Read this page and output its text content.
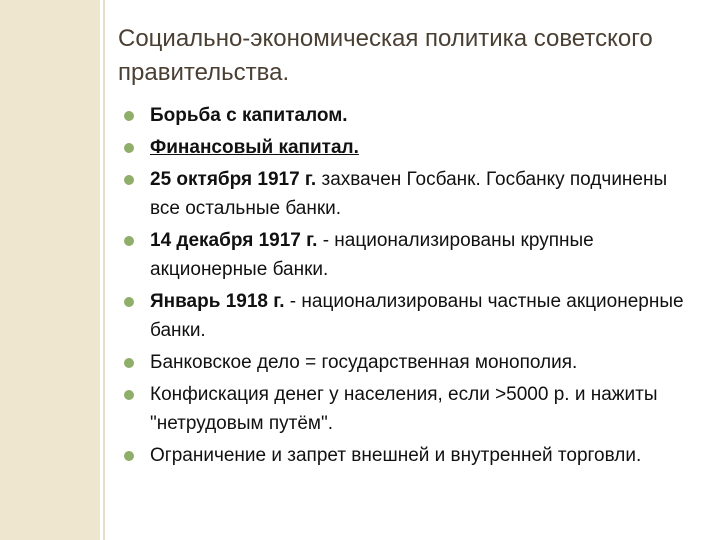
Социально-экономическая политика советского правительства.
Борьба с капиталом.
Финансовый капитал.
25 октября 1917 г. захвачен Госбанк. Госбанку подчинены все остальные банки.
14 декабря 1917 г. - национализированы крупные акционерные банки.
Январь 1918 г. - национализированы частные акционерные банки.
Банковское дело = государственная монополия.
Конфискация денег у населения, если >5000 р. и нажиты "нетрудовым путём".
Ограничение и запрет внешней и внутренней торговли.
